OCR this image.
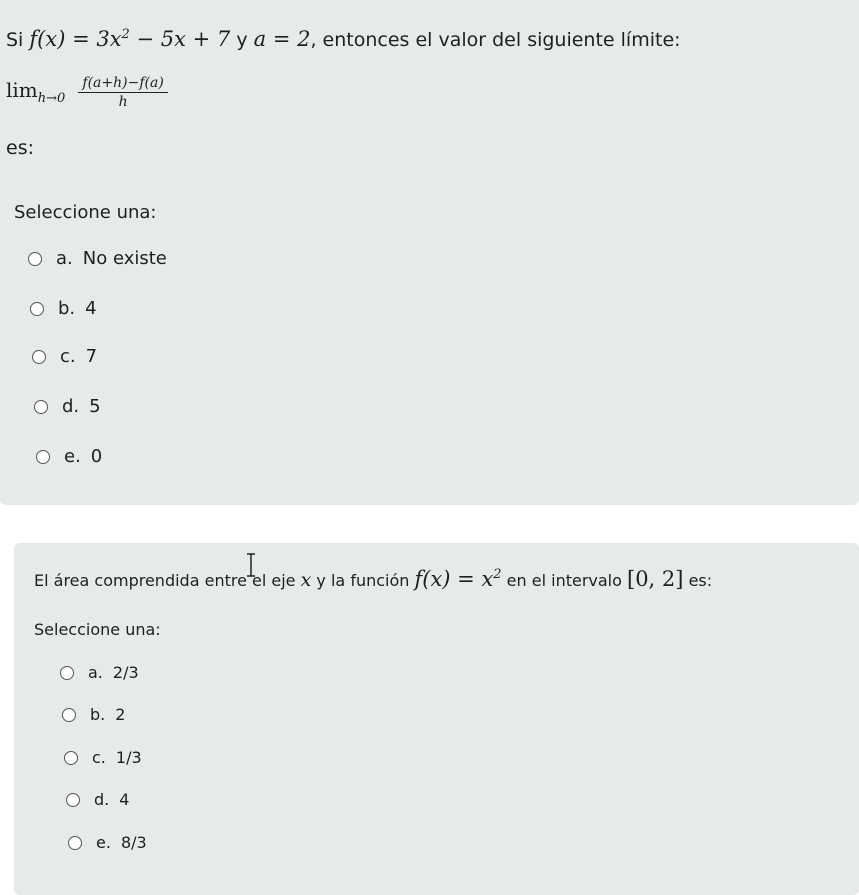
Si $f(x) = 3x^2 - 5x + 7$ y a = 2, entonces el valor del siguiente límite:
$\lim_{h\to 0} \frac{f(a+h)-f(a)}{h}$
es:
Seleccione una:
a. No existe
b. 4
c. 7
d. 5
e. 0
El área comprendida entre el eje x y la función $f(x) = x^2$ en el intervalo [0, 2] es:
Seleccione una:
a. 2/3
b. 2
c. 1/3
d. 4
e. 8/3
